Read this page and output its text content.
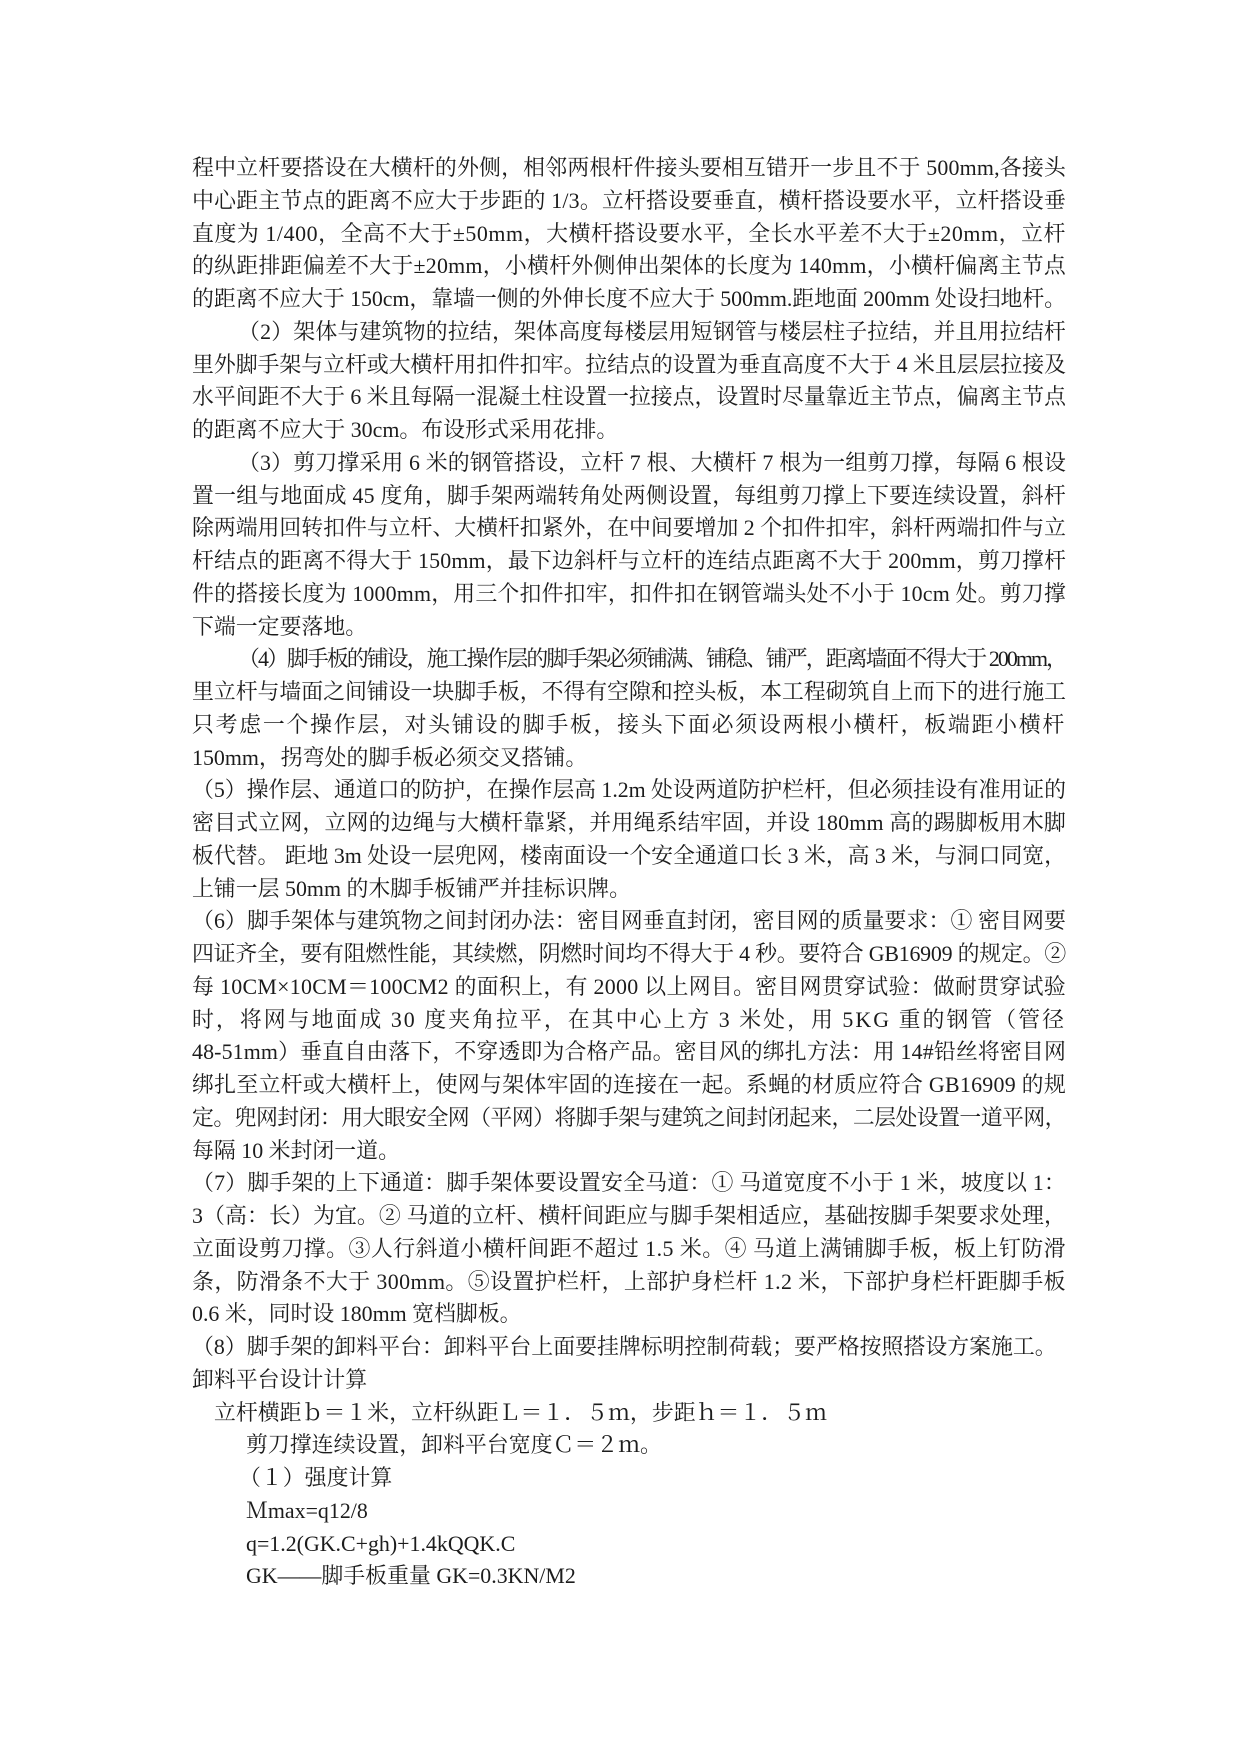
程中立杆要搭设在大横杆的外侧，相邻两根杆件接头要相互错开一步且不于 500mm,各接头
中心距主节点的距离不应大于步距的 1/3。立杆搭设要垂直，横杆搭设要水平，立杆搭设垂
直度为 1/400，全高不大于±50mm，大横杆搭设要水平，全长水平差不大于±20mm，立杆
的纵距排距偏差不大于±20mm，小横杆外侧伸出架体的长度为 140mm，小横杆偏离主节点
的距离不应大于 150cm，靠墙一侧的外伸长度不应大于 500mm.距地面 200mm 处设扫地杆。
（2）架体与建筑物的拉结，架体高度每楼层用短钢管与楼层柱子拉结，并且用拉结杆
里外脚手架与立杆或大横杆用扣件扣牢。拉结点的设置为垂直高度不大于 4 米且层层拉接及
水平间距不大于 6 米且每隔一混凝土柱设置一拉接点，设置时尽量靠近主节点，偏离主节点
的距离不应大于 30cm。布设形式采用花排。
（3）剪刀撑采用 6 米的钢管搭设，立杆 7 根、大横杆 7 根为一组剪刀撑，每隔 6 根设
置一组与地面成 45 度角，脚手架两端转角处两侧设置，每组剪刀撑上下要连续设置，斜杆
除两端用回转扣件与立杆、大横杆扣紧外，在中间要增加 2 个扣件扣牢，斜杆两端扣件与立
杆结点的距离不得大于 150mm，最下边斜杆与立杆的连结点距离不大于 200mm，剪刀撑杆
件的搭接长度为 1000mm，用三个扣件扣牢，扣件扣在钢管端头处不小于 10cm 处。剪刀撑
下端一定要落地。
（4）脚手板的铺设，施工操作层的脚手架必须铺满、铺稳、铺严，距离墙面不得大于 200mm，
里立杆与墙面之间铺设一块脚手板，不得有空隙和控头板，本工程砌筑自上而下的进行施工
只考虑一个操作层，对头铺设的脚手板，接头下面必须设两根小横杆，板端距小横杆
150mm，拐弯处的脚手板必须交叉搭铺。
（5）操作层、通道口的防护，在操作层高 1.2m 处设两道防护栏杆，但必须挂设有准用证的
密目式立网，立网的边绳与大横杆靠紧，并用绳系结牢固，并设 180mm 高的踢脚板用木脚
板代替。 距地 3m 处设一层兜网，楼南面设一个安全通道口长 3 米，高 3 米，与洞口同宽，
上铺一层 50mm 的木脚手板铺严并挂标识牌。
（6）脚手架体与建筑物之间封闭办法：密目网垂直封闭，密目网的质量要求：① 密目网要
四证齐全，要有阻燃性能，其续燃，阴燃时间均不得大于 4 秒。要符合 GB16909 的规定。②
每 10CM×10CM＝100CM2 的面积上，有 2000 以上网目。密目网贯穿试验：做耐贯穿试验
时，将网与地面成 30 度夹角拉平，在其中心上方 3 米处，用 5KG 重的钢管（管径
48-51mm）垂直自由落下，不穿透即为合格产品。密目风的绑扎方法：用 14#铅丝将密目网
绑扎至立杆或大横杆上，使网与架体牢固的连接在一起。系蝇的材质应符合 GB16909 的规
定。兜网封闭：用大眼安全网（平网）将脚手架与建筑之间封闭起来，二层处设置一道平网，
每隔 10 米封闭一道。
（7）脚手架的上下通道：脚手架体要设置安全马道：① 马道宽度不小于 1 米，坡度以 1：
3（高：长）为宜。② 马道的立杆、横杆间距应与脚手架相适应，基础按脚手架要求处理，
立面设剪刀撑。③人行斜道小横杆间距不超过 1.5 米。④ 马道上满铺脚手板，板上钉防滑
条，防滑条不大于 300mm。⑤设置护栏杆，上部护身栏杆 1.2 米，下部护身栏杆距脚手板
0.6 米，同时设 180mm 宽档脚板。
（8）脚手架的卸料平台：卸料平台上面要挂牌标明控制荷载；要严格按照搭设方案施工。
卸料平台设计计算
立杆横距ｂ＝１米，立杆纵距Ｌ＝１．５ｍ，步距ｈ＝１．５ｍ
剪刀撑连续设置，卸料平台宽度Ｃ＝２ｍ。
（１）强度计算
Ｍmax=q12/8
q=1.2(GK.C+gh)+1.4kQQK.C
GK——脚手板重量 GK=0.3KN/M2
